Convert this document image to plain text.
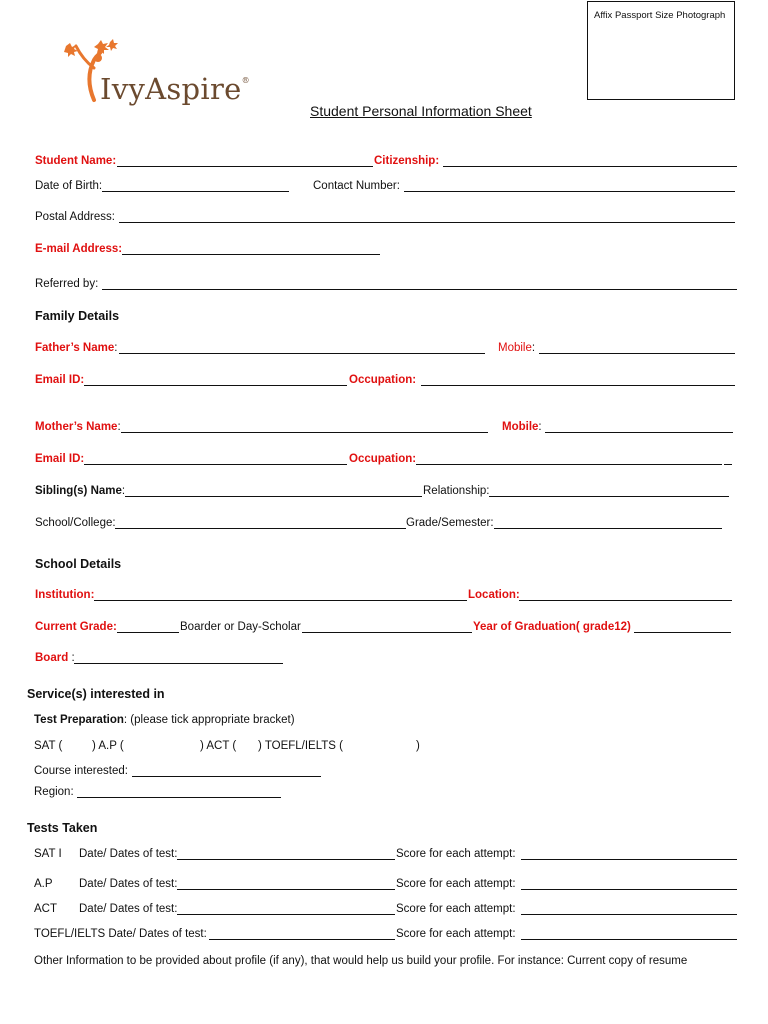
IvyAspire®
Affix Passport Size Photograph
Student Personal Information Sheet
Student Name:	Citizenship:
Date of Birth:	Contact Number:
Postal Address:
E-mail Address:
Referred by:
Family Details
Father’s Name:	Mobile:
Email ID:	Occupation:
Mother’s Name:	Mobile:
Email ID:	Occupation:
Sibling(s) Name:	Relationship:
School/College:	Grade/Semester:
School Details
Institution:	Location:
Current Grade:	Boarder or Day-Scholar	Year of Graduation( grade12)
Board :
Service(s) interested in
Test Preparation: (please tick appropriate bracket)
SAT (	) A.P (	) ACT ( ) TOEFL/IELTS (	)
Course interested:
Region:
Tests Taken
SAT I Date/ Dates of test:	Score for each attempt:
A.P Date/ Dates of test:	Score for each attempt:
ACT Date/ Dates of test:	Score for each attempt:
TOEFL/IELTS Date/ Dates of test:	Score for each attempt:
Other Information to be provided about profile (if any), that would help us build your profile. For instance: Current copy of resume
